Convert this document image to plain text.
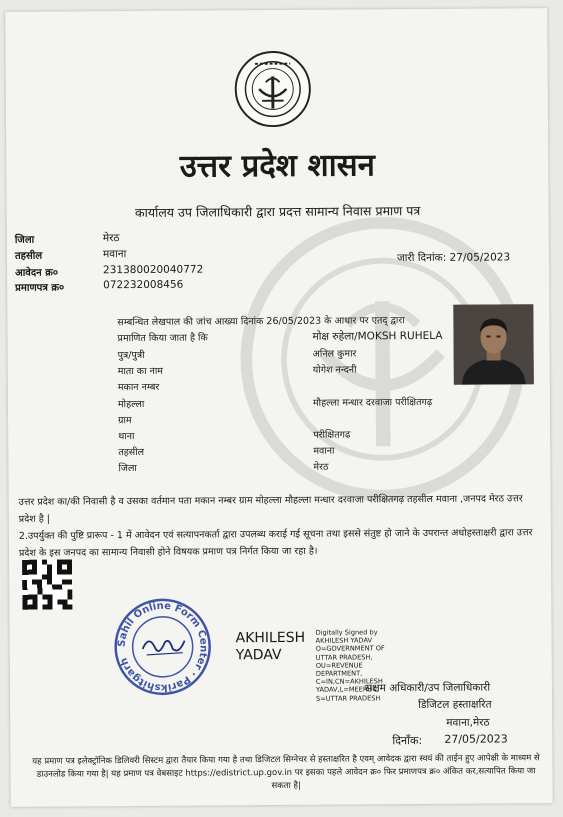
उत्तर प्रदेश शासन
कार्यालय उप जिलाधिकारी द्वारा प्रदत्त सामान्य निवास प्रमाण पत्र
जिला	मेरठ
तहसील	मवाना
आवेदन क्र०	231380020040772
प्रमाणपत्र क्र०	072232008456
जारी दिनांक: 27/05/2023
सम्बन्धित लेखपाल की जांच आख्या दिनांक 26/05/2023 के आधार पर एतद् द्वारा
प्रमाणित किया जाता है कि	मोक्ष रुहेला/MOKSH RUHELA
पुत्र/पुत्री	अनिल कुमार
माता का नाम	योगेश नन्दनी
मकान नम्बर
मोहल्ला	मौहल्ला मन्धार दरवाजा परीक्षितगढ़
ग्राम
थाना	परीक्षितगढ
तहसील	मवाना
जिला	मेरठ
उत्तर प्रदेश का/की निवासी है व उसका वर्तमान पता मकान नम्बर ग्राम मोहल्ला मौहल्ला मन्धार दरवाजा परीक्षितगढ़ तहसील मवाना ,जनपद मेरठ उत्तर प्रदेश है |
2.उपर्युक्त की पुष्टि प्रारूप - 1 में आवेदन एवं सत्यापनकर्ता द्वारा उपलब्ध कराई गई सूचना तथा इससे संतुष्ट हो जाने के उपरान्त अधोहस्ताक्षरी द्वारा उत्तर प्रदेश के इस जनपद का सामान्य निवासी होने विषयक प्रमाण पत्र निर्गत किया जा रहा है।
Sahil Online Form Center · Parikshitgarh
AKHILESH
YADAV
Digitally Signed by
AKHILESH YADAV
O=GOVERNMENT OF
UTTAR PRADESH,
OU=REVENUE
DEPARTMENT,
C=IN,CN=AKHILESH
YADAV,L=MEERUT,
S=UTTAR PRADESH
सक्षम अधिकारी/उप जिलाधिकारी
डिजिटल हस्ताक्षरित
मवाना,मेरठ
दिनाँक: 27/05/2023
यह प्रमाण पत्र इलेक्ट्रॉनिक डिलिवरी सिस्टम द्वारा तैयार किया गया है तथा डिजिटल सिग्नेचर से हस्ताक्षरित है एवम् आवेदक द्वारा स्वयं की ताईन हुए आपेक्षी के माध्यम से डाउनलोड किया गया है| यह प्रमाण पत्र वेबसाइट https://edistrict.up.gov.in पर इसका पहले आवेदन क्र० फिर प्रमाणपत्र क्र० अंकित कर,सत्यापित किया जा सकता है|
